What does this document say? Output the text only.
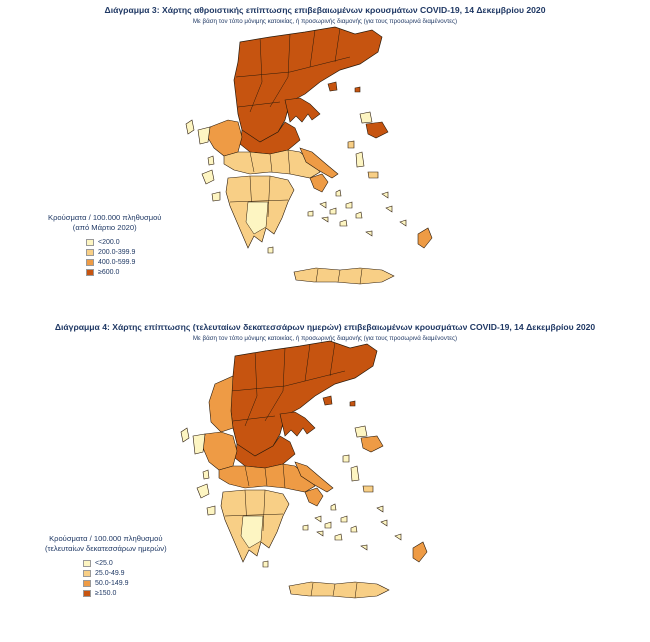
Διάγραμμα 3: Χάρτης αθροιστικής επίπτωσης επιβεβαιωμένων κρουσμάτων COVID-19, 14 Δεκεμβρίου 2020
Με βάση τον τόπο μόνιμης κατοικίας, ή προσωρινής διαμονής (για τους προσωρινά διαμένοντες)
Κρούσματα / 100.000 πληθυσμού
(από Μάρτιο 2020)
<200.0
200.0-399.9
400.0-599.9
≥600.0
Διάγραμμα 4: Χάρτης επίπτωσης (τελευταίων δεκατεσσάρων ημερών) επιβεβαιωμένων κρουσμάτων COVID-19, 14 Δεκεμβρίου 2020
Με βάση τον τόπο μόνιμης κατοικίας, ή προσωρινής διαμονής (για τους προσωρινά διαμένοντες)
Κρούσματα / 100.000 πληθυσμού
(τελευταίων δεκατεσσάρων ημερών)
<25.0
25.0-49.9
50.0-149.9
≥150.0
